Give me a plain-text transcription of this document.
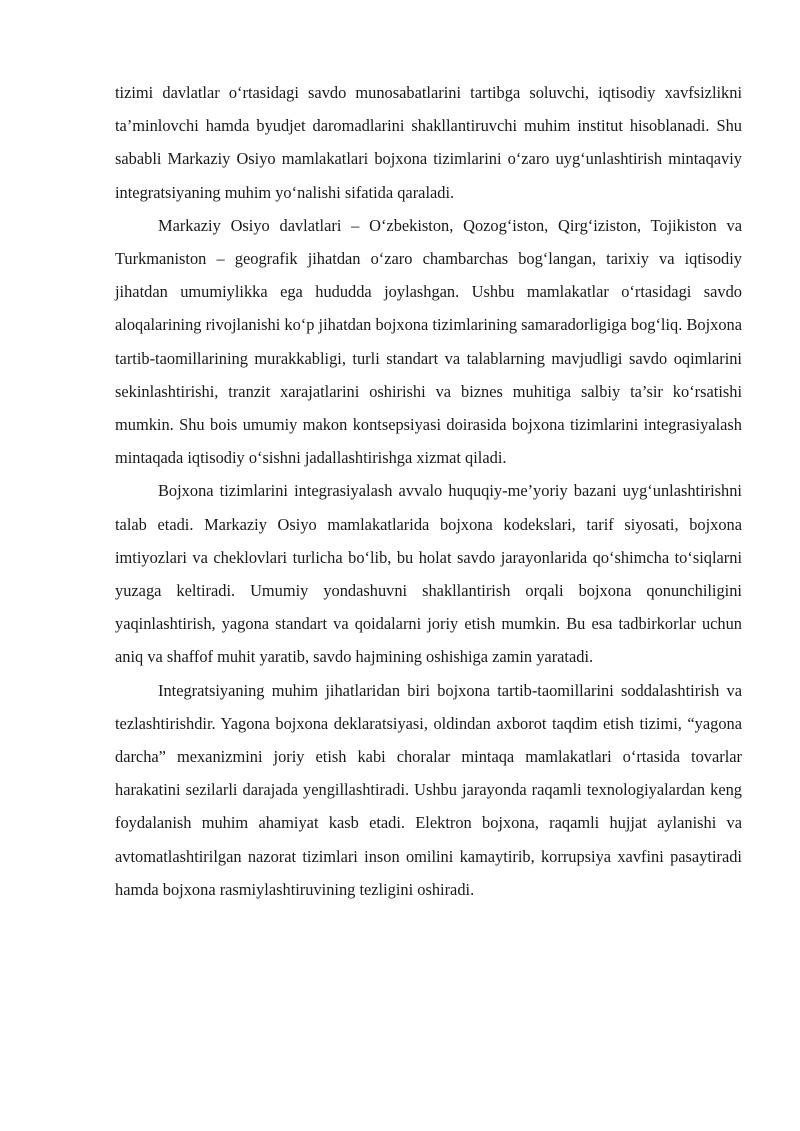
tizimi davlatlar o‘rtasidagi savdo munosabatlarini tartibga soluvchi, iqtisodiy xavfsizlikni ta’minlovchi hamda byudjet daromadlarini shakllantiruvchi muhim institut hisoblanadi. Shu sababli Markaziy Osiyo mamlakatlari bojxona tizimlarini o‘zaro uyg‘unlashtirish mintaqaviy integratsiyaning muhim yo‘nalishi sifatida qaraladi.

Markaziy Osiyo davlatlari – O‘zbekiston, Qozog‘iston, Qirg‘iziston, Tojikiston va Turkmaniston – geografik jihatdan o‘zaro chambarchas bog‘langan, tarixiy va iqtisodiy jihatdan umumiylikka ega hududda joylashgan. Ushbu mamlakatlar o‘rtasidagi savdo aloqalarining rivojlanishi ko‘p jihatdan bojxona tizimlarining samaradorligiga bog‘liq. Bojxona tartib-taomillarining murakkabligi, turli standart va talablarning mavjudligi savdo oqimlarini sekinlashtirishi, tranzit xarajatlarini oshirishi va biznes muhitiga salbiy ta’sir ko‘rsatishi mumkin. Shu bois umumiy makon kontsepsiyasi doirasida bojxona tizimlarini integrasiyalash mintaqada iqtisodiy o‘sishni jadallashtirishga xizmat qiladi.

Bojxona tizimlarini integrasiyalash avvalo huquqiy-me’yoriy bazani uyg‘unlashtirishni talab etadi. Markaziy Osiyo mamlakatlarida bojxona kodekslari, tarif siyosati, bojxona imtiyozlari va cheklovlari turlicha bo‘lib, bu holat savdo jarayonlarida qo‘shimcha to‘siqlarni yuzaga keltiradi. Umumiy yondashuvni shakllantirish orqali bojxona qonunchiligini yaqinlashtirish, yagona standart va qoidalarni joriy etish mumkin. Bu esa tadbirkorlar uchun aniq va shaffof muhit yaratib, savdo hajmining oshishiga zamin yaratadi.

Integratsiyaning muhim jihatlaridan biri bojxona tartib-taomillarini soddalashtirish va tezlashtirishdir. Yagona bojxona deklaratsiyasi, oldindan axborot taqdim etish tizimi, “yagona darcha” mexanizmini joriy etish kabi choralar mintaqa mamlakatlari o‘rtasida tovarlar harakatini sezilarli darajada yengillashtiradi. Ushbu jarayonda raqamli texnologiyalardan keng foydalanish muhim ahamiyat kasb etadi. Elektron bojxona, raqamli hujjat aylanishi va avtomatlashtirilgan nazorat tizimlari inson omilini kamaytirib, korrupsiya xavfini pasaytiradi hamda bojxona rasmiylashtiruvining tezligini oshiradi.
